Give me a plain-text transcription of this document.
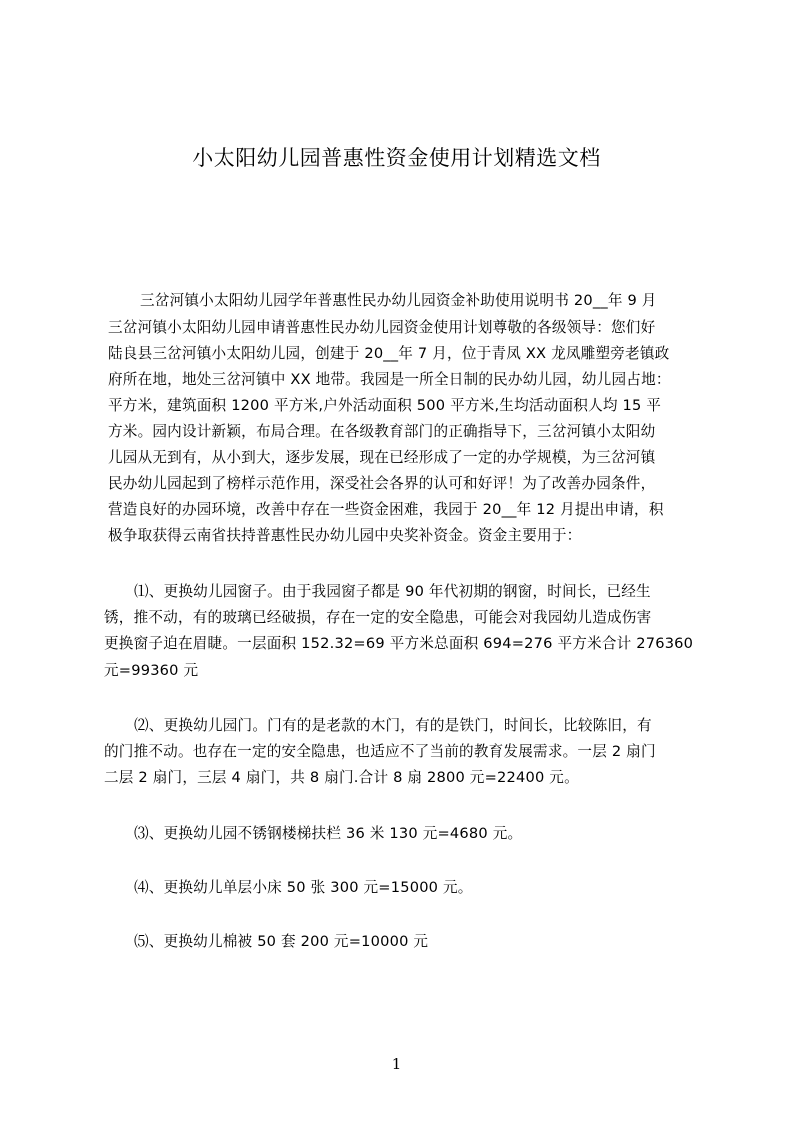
小太阳幼儿园普惠性资金使用计划精选文档
三岔河镇小太阳幼儿园学年普惠性民办幼儿园资金补助使用说明书 20__年 9 月
三岔河镇小太阳幼儿园申请普惠性民办幼儿园资金使用计划尊敬的各级领导：您们好
陆良县三岔河镇小太阳幼儿园，创建于 20__年 7 月，位于青凤 XX 龙凤雕塑旁老镇政
府所在地，地处三岔河镇中 XX 地带。我园是一所全日制的民办幼儿园，幼儿园占地：
平方米，建筑面积 1200 平方米,户外活动面积 500 平方米,生均活动面积人均 15 平
方米。园内设计新颖，布局合理。在各级教育部门的正确指导下，三岔河镇小太阳幼
儿园从无到有，从小到大，逐步发展，现在已经形成了一定的办学规模，为三岔河镇
民办幼儿园起到了榜样示范作用，深受社会各界的认可和好评！为了改善办园条件，
营造良好的办园环境，改善中存在一些资金困难，我园于 20__年 12 月提出申请，积
极争取获得云南省扶持普惠性民办幼儿园中央奖补资金。资金主要用于：
⑴、更换幼儿园窗子。由于我园窗子都是 90 年代初期的钢窗，时间长，已经生
锈，推不动，有的玻璃已经破损，存在一定的安全隐患，可能会对我园幼儿造成伤害
更换窗子迫在眉睫。一层面积 152.32=69 平方米总面积 694=276 平方米合计 276360
元=99360 元
⑵、更换幼儿园门。门有的是老款的木门，有的是铁门，时间长，比较陈旧，有
的门推不动。也存在一定的安全隐患，也适应不了当前的教育发展需求。一层 2 扇门
二层 2 扇门，三层 4 扇门，共 8 扇门.合计 8 扇 2800 元=22400 元。
⑶、更换幼儿园不锈钢楼梯扶栏 36 米 130 元=4680 元。
⑷、更换幼儿单层小床 50 张 300 元=15000 元。
⑸、更换幼儿棉被 50 套 200 元=10000 元
1
